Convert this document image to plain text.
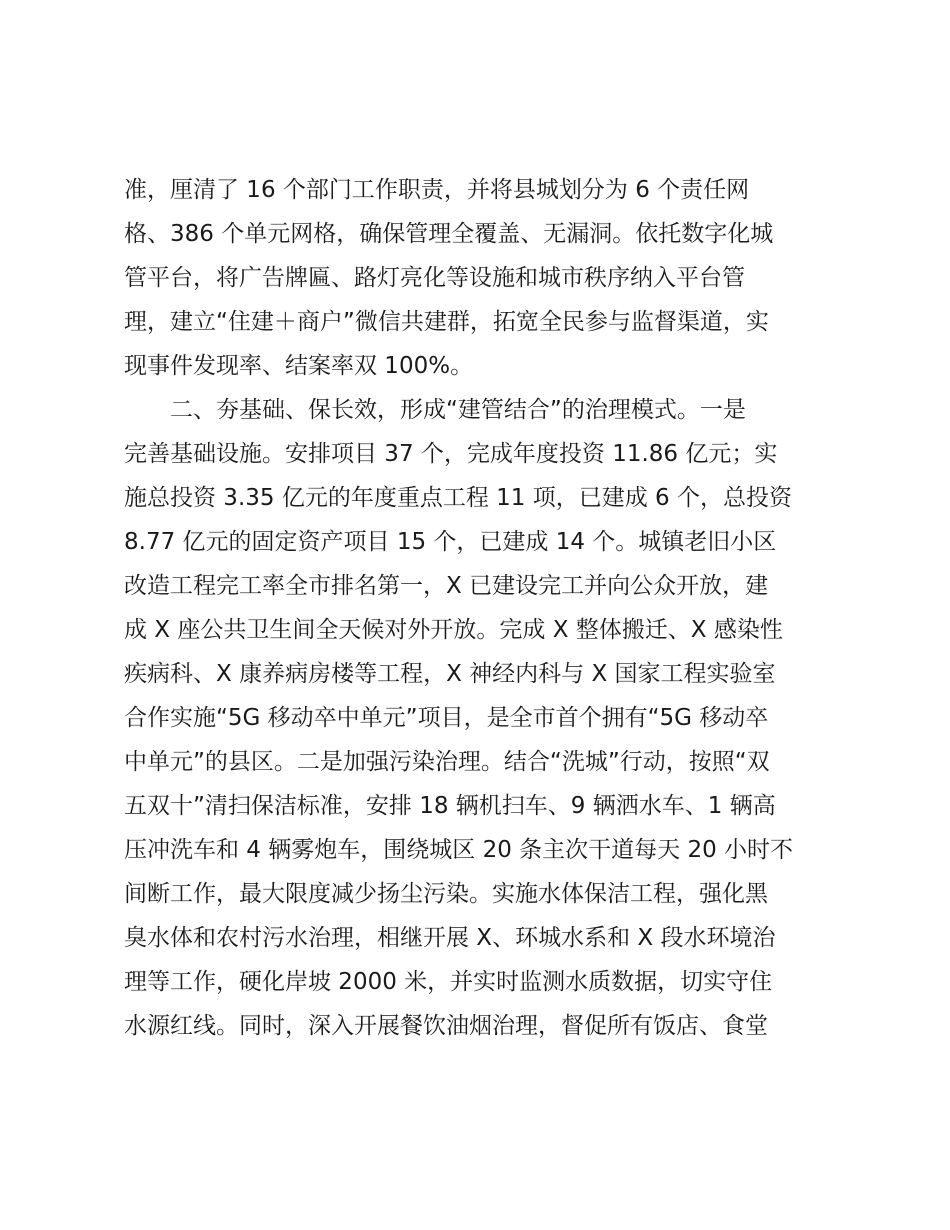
准，厘清了 16 个部门工作职责，并将县城划分为 6 个责任网
格、386 个单元网格，确保管理全覆盖、无漏洞。依托数字化城
管平台，将广告牌匾、路灯亮化等设施和城市秩序纳入平台管
理，建立“住建＋商户”微信共建群，拓宽全民参与监督渠道，实
现事件发现率、结案率双 100%。
　　二、夯基础、保长效，形成“建管结合”的治理模式。一是
完善基础设施。安排项目 37 个，完成年度投资 11.86 亿元；实
施总投资 3.35 亿元的年度重点工程 11 项，已建成 6 个，总投资
8.77 亿元的固定资产项目 15 个，已建成 14 个。城镇老旧小区
改造工程完工率全市排名第一，X 已建设完工并向公众开放，建
成 X 座公共卫生间全天候对外开放。完成 X 整体搬迁、X 感染性
疾病科、X 康养病房楼等工程，X 神经内科与 X 国家工程实验室
合作实施“5G 移动卒中单元”项目，是全市首个拥有“5G 移动卒
中单元”的县区。二是加强污染治理。结合“洗城”行动，按照“双
五双十”清扫保洁标准，安排 18 辆机扫车、9 辆洒水车、1 辆高
压冲洗车和 4 辆雾炮车，围绕城区 20 条主次干道每天 20 小时不
间断工作，最大限度减少扬尘污染。实施水体保洁工程，强化黑
臭水体和农村污水治理，相继开展 X、环城水系和 X 段水环境治
理等工作，硬化岸坡 2000 米，并实时监测水质数据，切实守住
水源红线。同时，深入开展餐饮油烟治理，督促所有饭店、食堂
